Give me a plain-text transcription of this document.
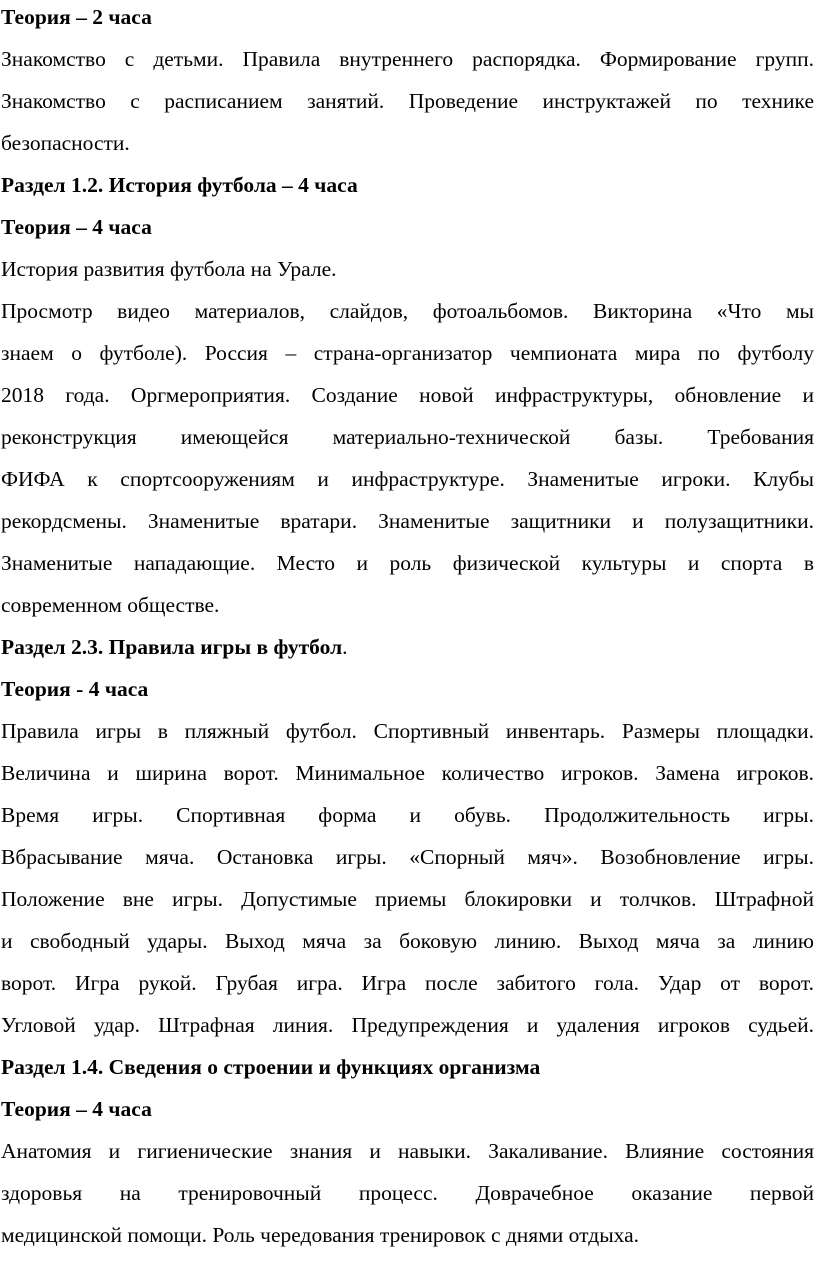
Теория – 2 часа
Знакомство с детьми. Правила внутреннего распорядка. Формирование групп.
Знакомство с расписанием занятий. Проведение инструктажей по технике
безопасности.
Раздел 1.2. История футбола – 4 часа
Теория – 4 часа
История развития футбола на Урале.
Просмотр видео материалов, слайдов, фотоальбомов. Викторина «Что мы
знаем о футболе). Россия – страна-организатор чемпионата мира по футболу
2018 года. Оргмероприятия. Создание новой инфраструктуры, обновление и
реконструкция имеющейся материально-технической базы. Требования
ФИФА к спортсооружениям и инфраструктуре. Знаменитые игроки. Клубы
рекордсмены. Знаменитые вратари. Знаменитые защитники и полузащитники.
Знаменитые нападающие. Место и роль физической культуры и спорта в
современном обществе.
Раздел 2.3. Правила игры в футбол.
Теория - 4 часа
Правила игры в пляжный футбол. Спортивный инвентарь. Размеры площадки.
Величина и ширина ворот. Минимальное количество игроков. Замена игроков.
Время игры. Спортивная форма и обувь. Продолжительность игры.
Вбрасывание мяча. Остановка игры. «Спорный мяч». Возобновление игры.
Положение вне игры. Допустимые приемы блокировки и толчков. Штрафной
и свободный удары. Выход мяча за боковую линию. Выход мяча за линию
ворот. Игра рукой. Грубая игра. Игра после забитого гола. Удар от ворот.
Угловой удар. Штрафная линия. Предупреждения и удаления игроков судьей.
Раздел 1.4. Сведения о строении и функциях организма
Теория – 4 часа
Анатомия и гигиенические знания и навыки. Закаливание. Влияние состояния
здоровья на тренировочный процесс. Доврачебное оказание первой
медицинской помощи. Роль чередования тренировок с днями отдыха.
